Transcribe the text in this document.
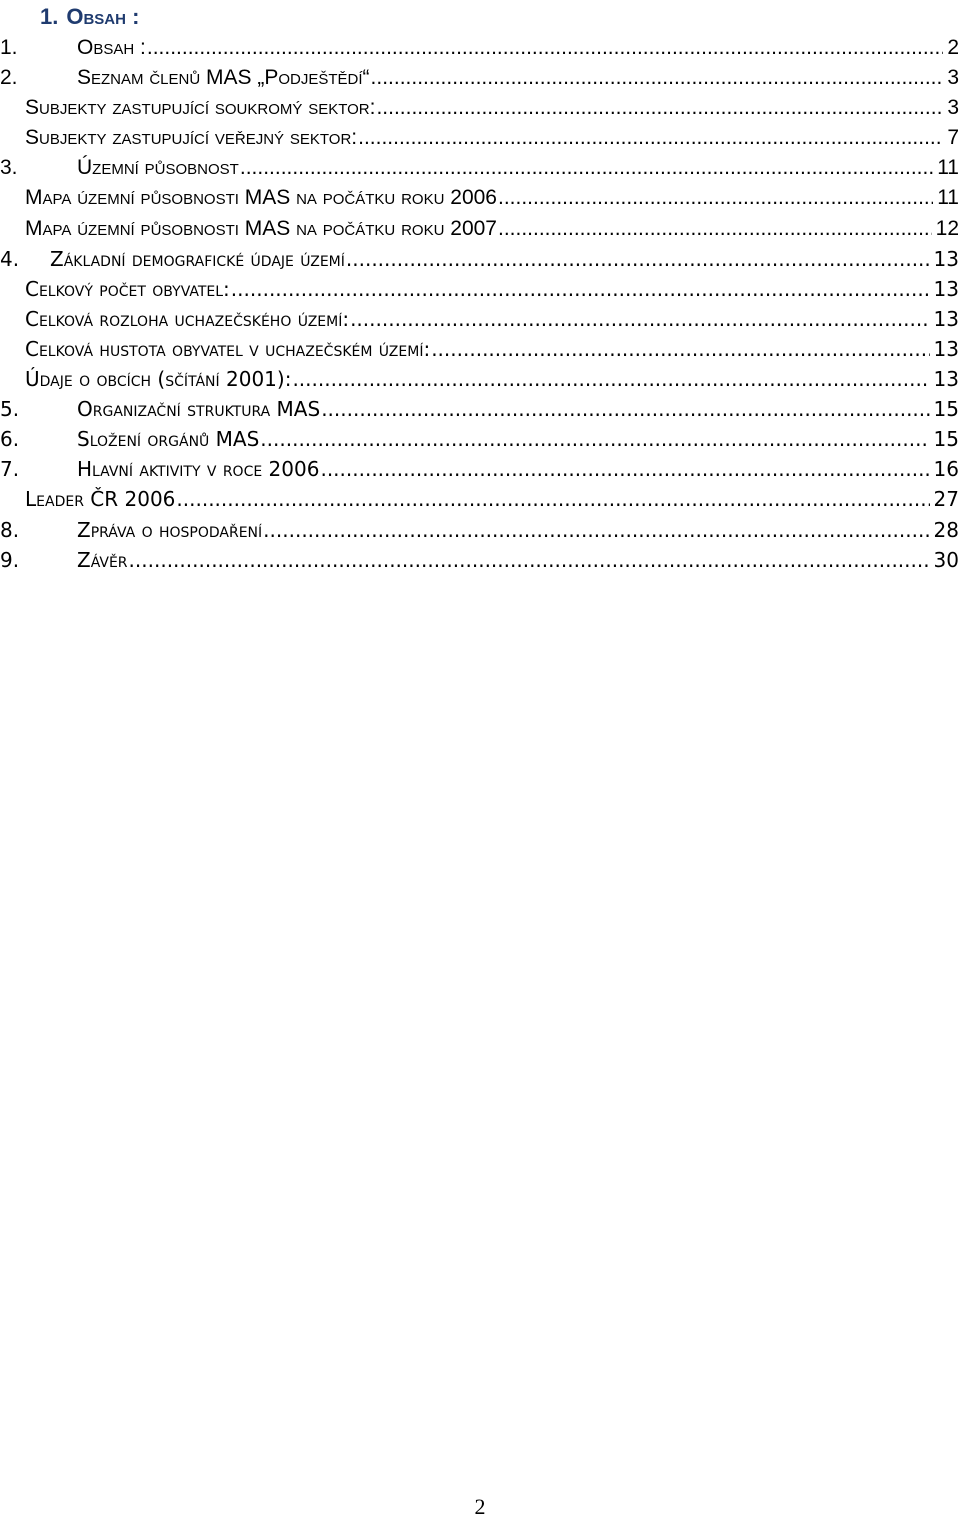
1. Obsah :
1.	Obsah : .....	2
2.	Seznam členů MAS „Podještědí“ .....	3
Subjekty zastupující soukromý sektor: .....	3
Subjekty zastupující veřejný sektor: .....	7
3.	Územní působnost .....	11
Mapa územní působnosti MAS na počátku roku 2006 .....	11
Mapa územní působnosti MAS na počátku roku 2007 .....	12
4.	Základní demografické údaje území .....	13
Celkový počet obyvatel: .....	13
Celková rozloha uchazečského území: .....	13
Celková hustota obyvatel v uchazečském území: .....	13
Údaje o obcích (sčítání 2001): .....	13
5.	Organizační struktura MAS .....	15
6.	Složení orgánů MAS .....	15
7.	Hlavní aktivity v roce 2006 .....	16
Leader ČR 2006 .....	27
8.	Zpráva o hospodaření .....	28
9.	Závěr .....	30
2
